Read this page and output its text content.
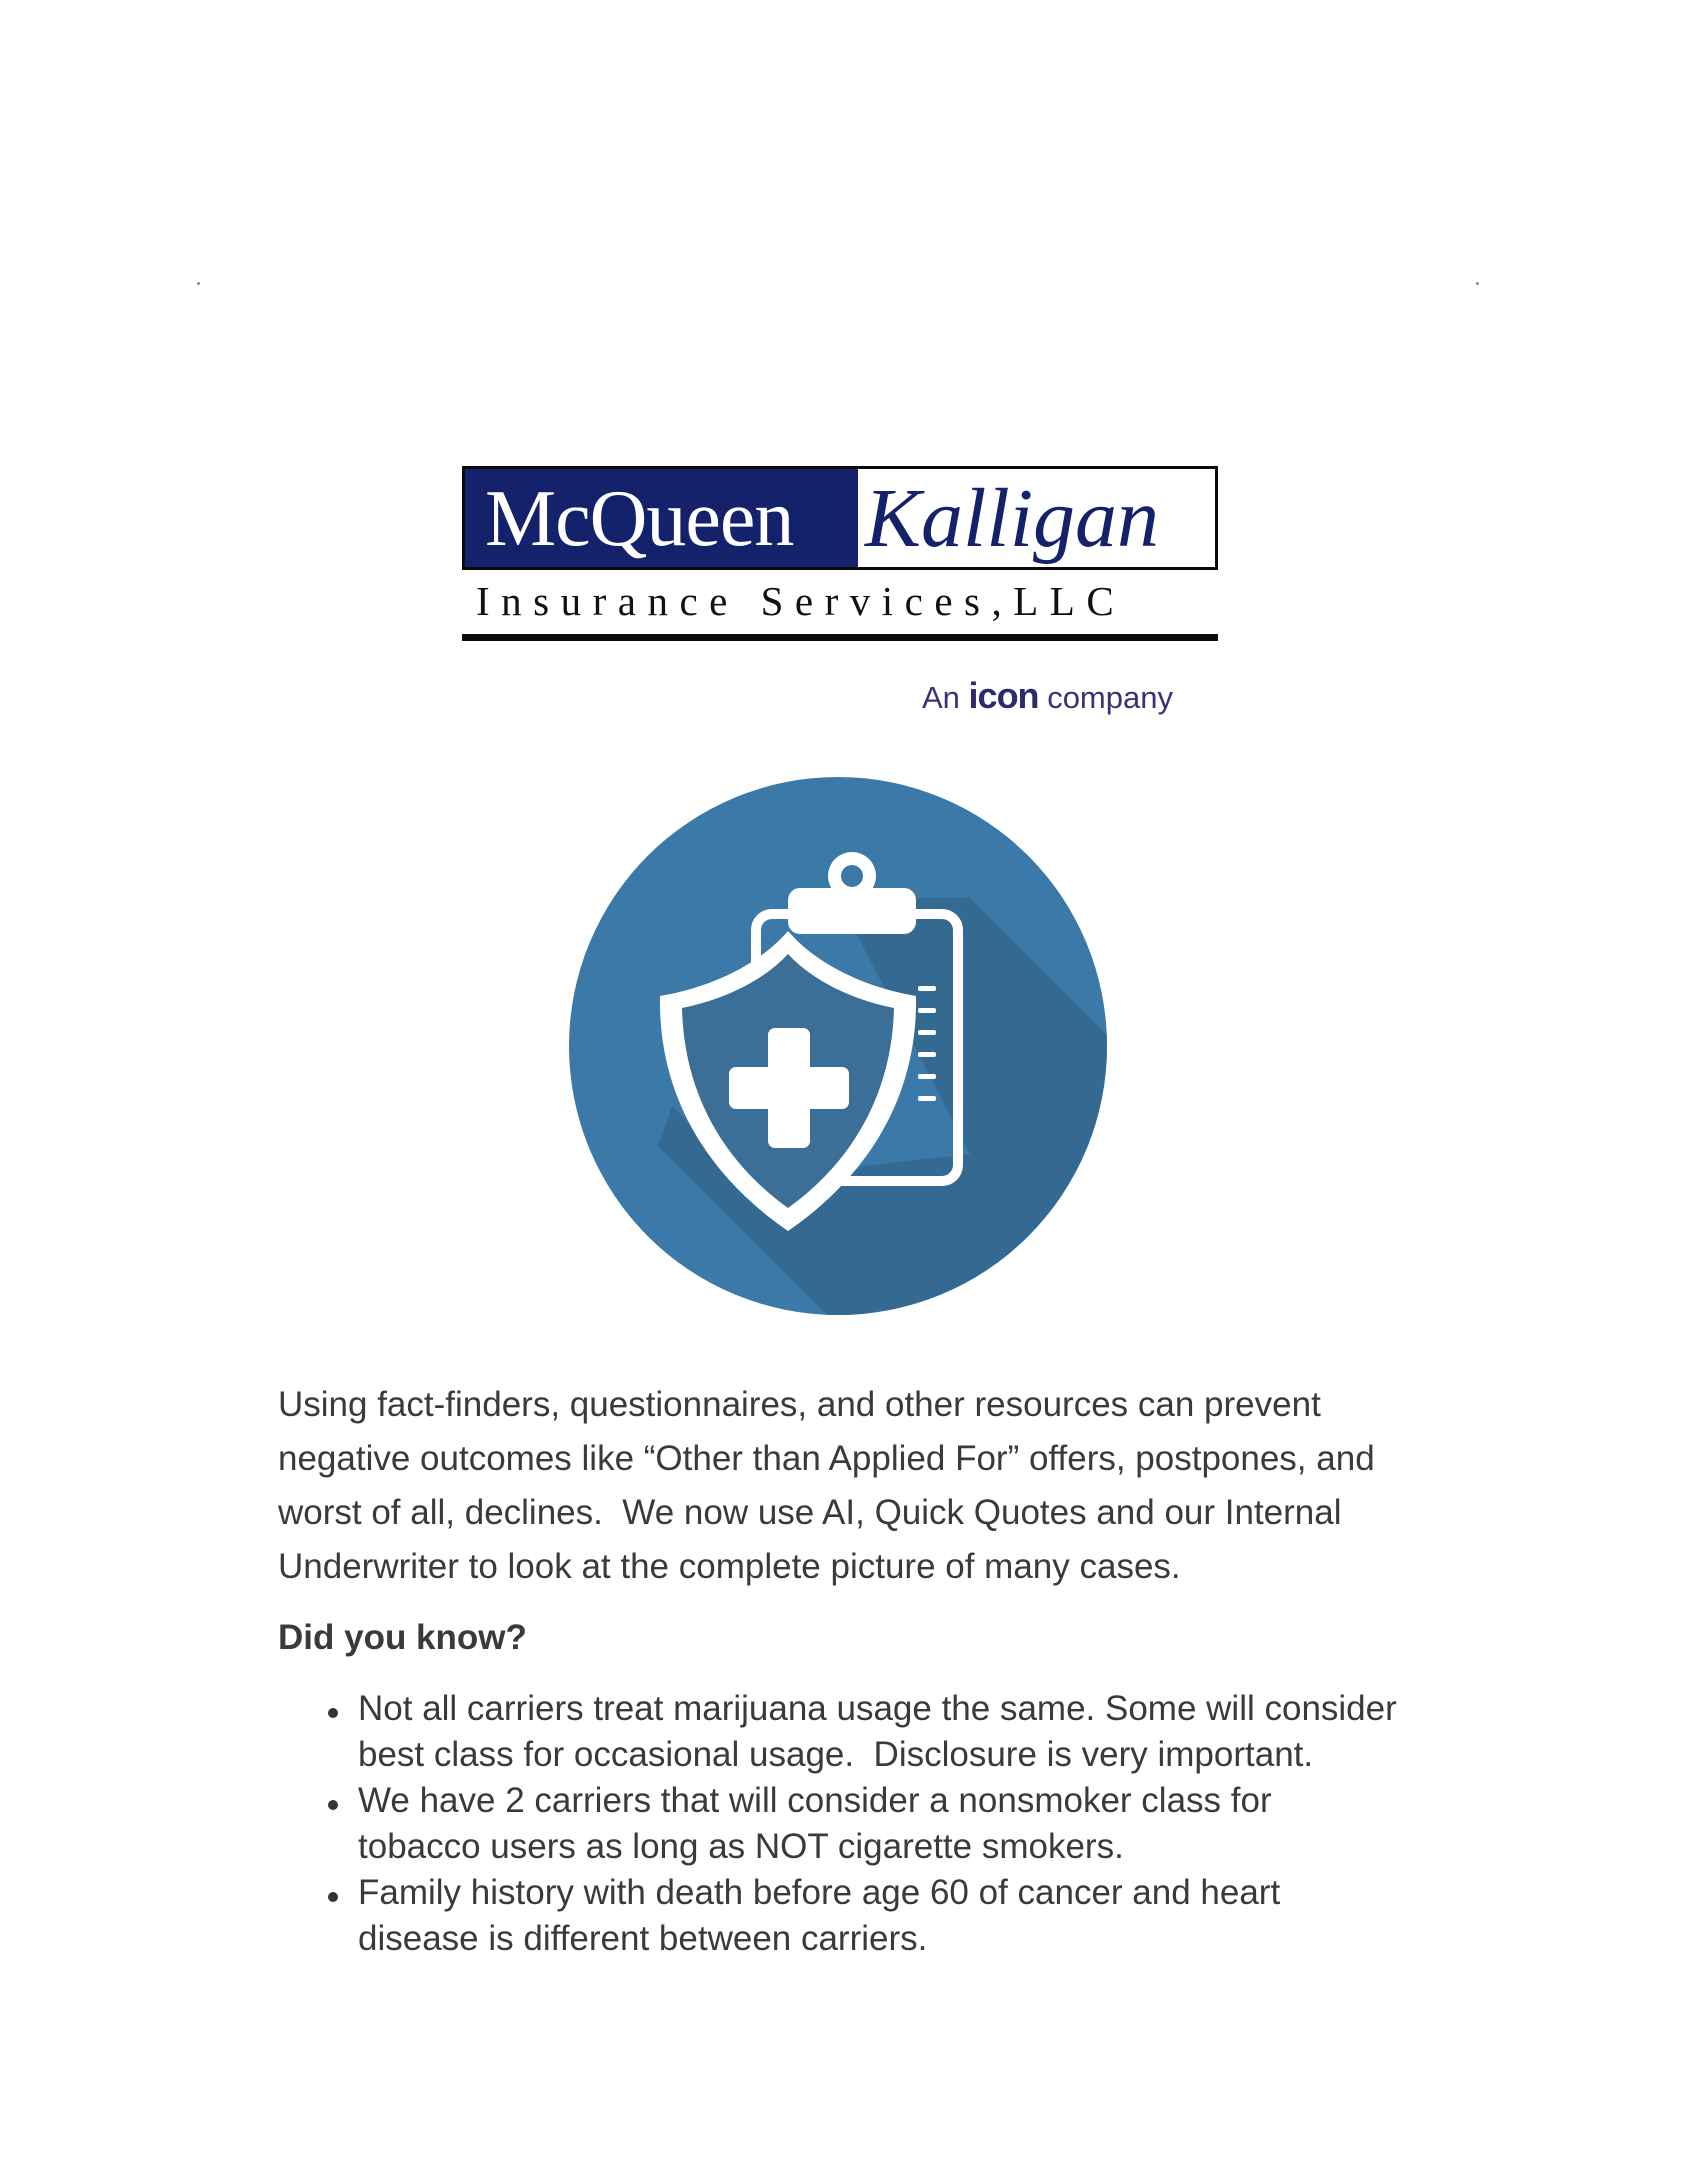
McQueen Kalligan
Insurance Services,LLC
An icon company

Using fact-finders, questionnaires, and other resources can prevent negative outcomes like “Other than Applied For” offers, postpones, and worst of all, declines.  We now use AI, Quick Quotes and our Internal Underwriter to look at the complete picture of many cases.

Did you know?

Not all carriers treat marijuana usage the same. Some will consider best class for occasional usage.  Disclosure is very important.
We have 2 carriers that will consider a nonsmoker class for tobacco users as long as NOT cigarette smokers.
Family history with death before age 60 of cancer and heart disease is different between carriers.
